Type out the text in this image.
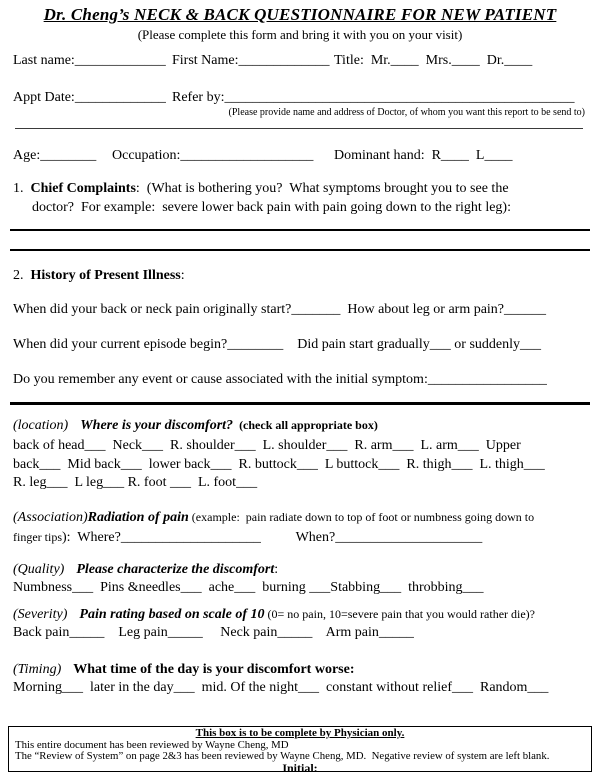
Dr. Cheng’s NECK & BACK QUESTIONNAIRE FOR NEW PATIENT
(Please complete this form and bring it with you on your visit)
Last name:_____________ First Name:_____________ Title:  Mr.____  Mrs.____  Dr.____
Appt Date:_____________ Refer by:__________________________________________________
(Please provide name and address of Doctor, of whom you want this report to be send to)
Age:________ Occupation:___________________ Dominant hand:  R____  L____
1. Chief Complaints:  (What is bothering you?  What symptoms brought you to see the
doctor?  For example:  severe lower back pain with pain going down to the right leg):
2. History of Present Illness:
When did your back or neck pain originally start?_______  How about leg or arm pain?______
When did your current episode begin?________    Did pain start gradually___ or suddenly___
Do you remember any event or cause associated with the initial symptom:_________________
(location) Where is your discomfort? (check all appropriate box)
back of head___  Neck___  R. shoulder___  L. shoulder___  R. arm___  L. arm___  Upper
back___  Mid back___  lower back___  R. buttock___  L buttock___  R. thigh___  L. thigh___
R. leg___  L leg___ R. foot ___  L. foot___
(Association)Radiation of pain (example:  pain radiate down to top of foot or numbness going down to
finger tips):  Where?____________________          When?_____________________
(Quality) Please characterize the discomfort:
Numbness___  Pins &needles___  ache___  burning ___Stabbing___  throbbing___
(Severity) Pain rating based on scale of 10 (0= no pain, 10=severe pain that you would rather die)?
Back pain_____    Leg pain_____     Neck pain_____    Arm pain_____
(Timing) What time of the day is your discomfort worse:
Morning___  later in the day___  mid. Of the night___  constant without relief___  Random___
This box is to be complete by Physician only.
This entire document has been reviewed by Wayne Cheng, MD
The “Review of System” on page 2&3 has been reviewed by Wayne Cheng, MD.  Negative review of system are left blank.
Initial:
